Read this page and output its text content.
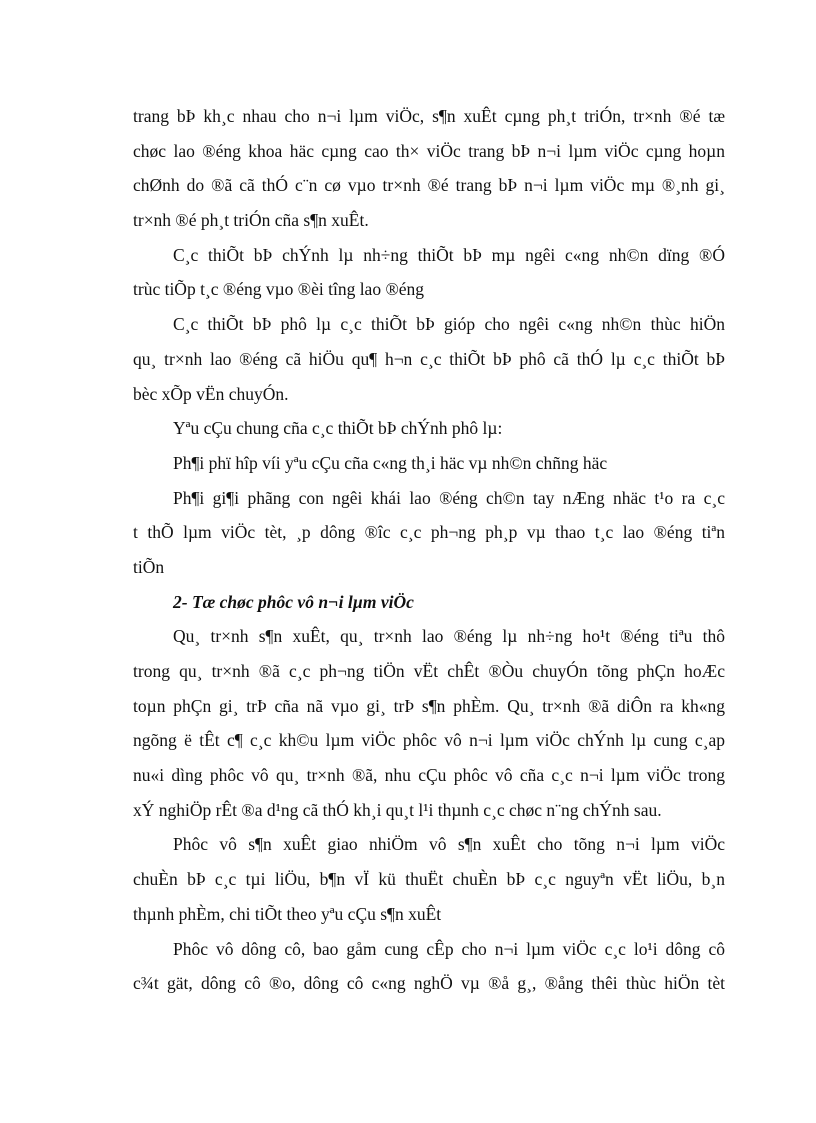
trang bÞ kh¸c nhau cho n¬i lµm viÖc, s¶n xuÊt cµng ph¸t triÓn, tr×nh ®é tæ
chøc lao ®éng khoa häc cµng cao th× viÖc trang bÞ n¬i lµm viÖc cµng hoµn
chØnh do ®ã cã thÓ c¨n cø vµo tr×nh ®é trang bÞ n¬i lµm viÖc mµ ®¸nh gi¸
tr×nh ®é ph¸t triÓn cña s¶n xuÊt.
C¸c thiÕt bÞ chÝnh lµ nh÷ng thiÕt bÞ mµ ngêi c«ng nh©n dïng ®Ó
trùc tiÕp t¸c ®éng vµo ®èi tîng lao ®éng
C¸c thiÕt bÞ phô lµ c¸c thiÕt bÞ gióp cho ngêi c«ng nh©n thùc hiÖn
qu¸ tr×nh lao ®éng cã hiÖu qu¶ h¬n c¸c thiÕt bÞ phô cã thÓ lµ c¸c thiÕt bÞ
bèc xÕp vËn chuyÓn.
Yªu cÇu chung cña c¸c thiÕt bÞ chÝnh phô lµ:
Ph¶i phï hîp víi yªu cÇu cña c«ng th¸i häc vµ nh©n chñng häc
Ph¶i gi¶i phãng con ngêi khái lao ®éng ch©n tay nÆng nhäc t¹o ra c¸c
t thÕ lµm viÖc tèt, ¸p dông ®îc c¸c ph¬ng ph¸p vµ thao t¸c lao ®éng tiªn
tiÕn
2- Tæ chøc phôc vô n¬i lµm viÖc
Qu¸ tr×nh s¶n xuÊt, qu¸ tr×nh lao ®éng lµ nh÷ng ho¹t ®éng tiªu thô
trong qu¸ tr×nh ®ã c¸c ph¬ng tiÖn vËt chÊt ®Òu chuyÓn tõng phÇn hoÆc
toµn phÇn gi¸ trÞ cña nã vµo gi¸ trÞ s¶n phÈm. Qu¸ tr×nh ®ã diÔn ra kh«ng
ngõng ë tÊt c¶ c¸c kh©u lµm viÖc phôc vô n¬i lµm viÖc chÝnh lµ cung c¸ap
nu«i dìng phôc vô qu¸ tr×nh ®ã, nhu cÇu phôc vô cña c¸c n¬i lµm viÖc trong
xÝ nghiÖp rÊt ®a d¹ng cã thÓ kh¸i qu¸t l¹i thµnh c¸c chøc n¨ng chÝnh sau.
Phôc vô s¶n xuÊt giao nhiÖm vô s¶n xuÊt cho tõng n¬i lµm viÖc
chuÈn bÞ c¸c tµi liÖu, b¶n vÏ kü thuËt chuÈn bÞ c¸c nguyªn vËt liÖu, b¸n
thµnh phÈm, chi tiÕt theo yªu cÇu s¶n xuÊt
Phôc vô dông cô, bao gåm cung cÊp cho n¬i lµm viÖc c¸c lo¹i dông cô
c¾t gät, dông cô ®o, dông cô c«ng nghÖ vµ ®å g¸, ®ång thêi thùc hiÖn tèt
